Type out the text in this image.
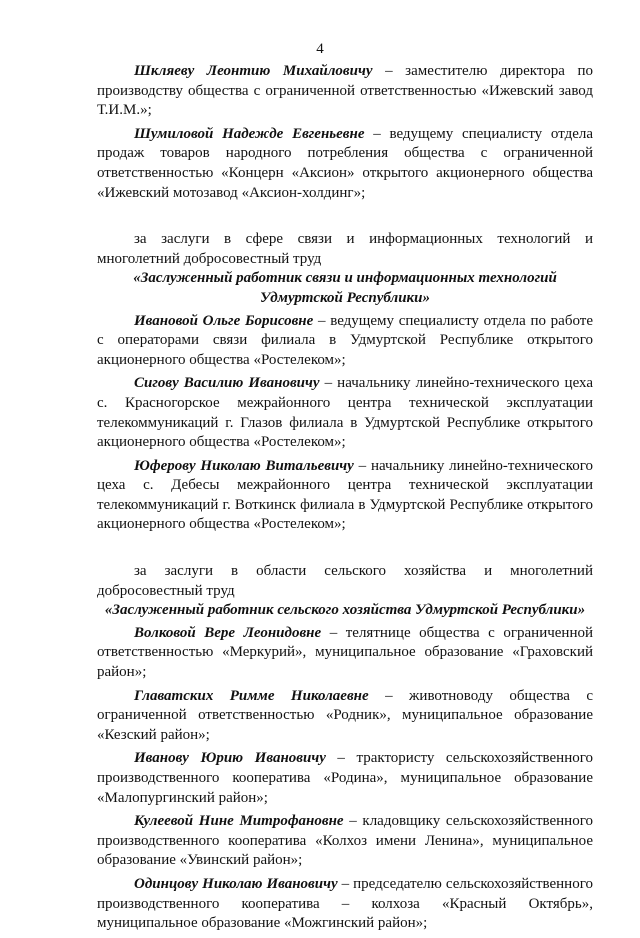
4

Шкляеву Леонтию Михайловичу – заместителю директора по производству общества с ограниченной ответственностью «Ижевский завод Т.И.М.»;

Шумиловой Надежде Евгеньевне – ведущему специалисту отдела продаж товаров народного потребления общества с ограниченной ответственностью «Концерн «Аксион» открытого акционерного общества «Ижевский мотозавод «Аксион-холдинг»;

за заслуги в сфере связи и информационных технологий и многолетний добросовестный труд

«Заслуженный работник связи и информационных технологий Удмуртской Республики»

Ивановой Ольге Борисовне – ведущему специалисту отдела по работе с операторами связи филиала в Удмуртской Республике открытого акционерного общества «Ростелеком»;

Сигову Василию Ивановичу – начальнику линейно-технического цеха с. Красногорское межрайонного центра технической эксплуатации телекоммуникаций г. Глазов филиала в Удмуртской Республике открытого акционерного общества «Ростелеком»;

Юферову Николаю Витальевичу – начальнику линейно-технического цеха с. Дебесы межрайонного центра технической эксплуатации телекоммуникаций г. Воткинск филиала в Удмуртской Республике открытого акционерного общества «Ростелеком»;

за заслуги в области сельского хозяйства и многолетний добросовестный труд

«Заслуженный работник сельского хозяйства Удмуртской Республики»

Волковой Вере Леонидовне – телятнице общества с ограниченной ответственностью «Меркурий», муниципальное образование «Граховский район»;

Главатских Римме Николаевне – животноводу общества с ограниченной ответственностью «Родник», муниципальное образование «Кезский район»;

Иванову Юрию Ивановичу – трактористу сельскохозяйственного производственного кооператива «Родина», муниципальное образование «Малопургинский район»;

Кулеевой Нине Митрофановне – кладовщику сельскохозяйственного производственного кооператива «Колхоз имени Ленина», муниципальное образование «Увинский район»;

Одинцову Николаю Ивановичу – председателю сельскохозяйственного производственного кооператива – колхоза «Красный Октябрь», муниципальное образование «Можгинский район»;
